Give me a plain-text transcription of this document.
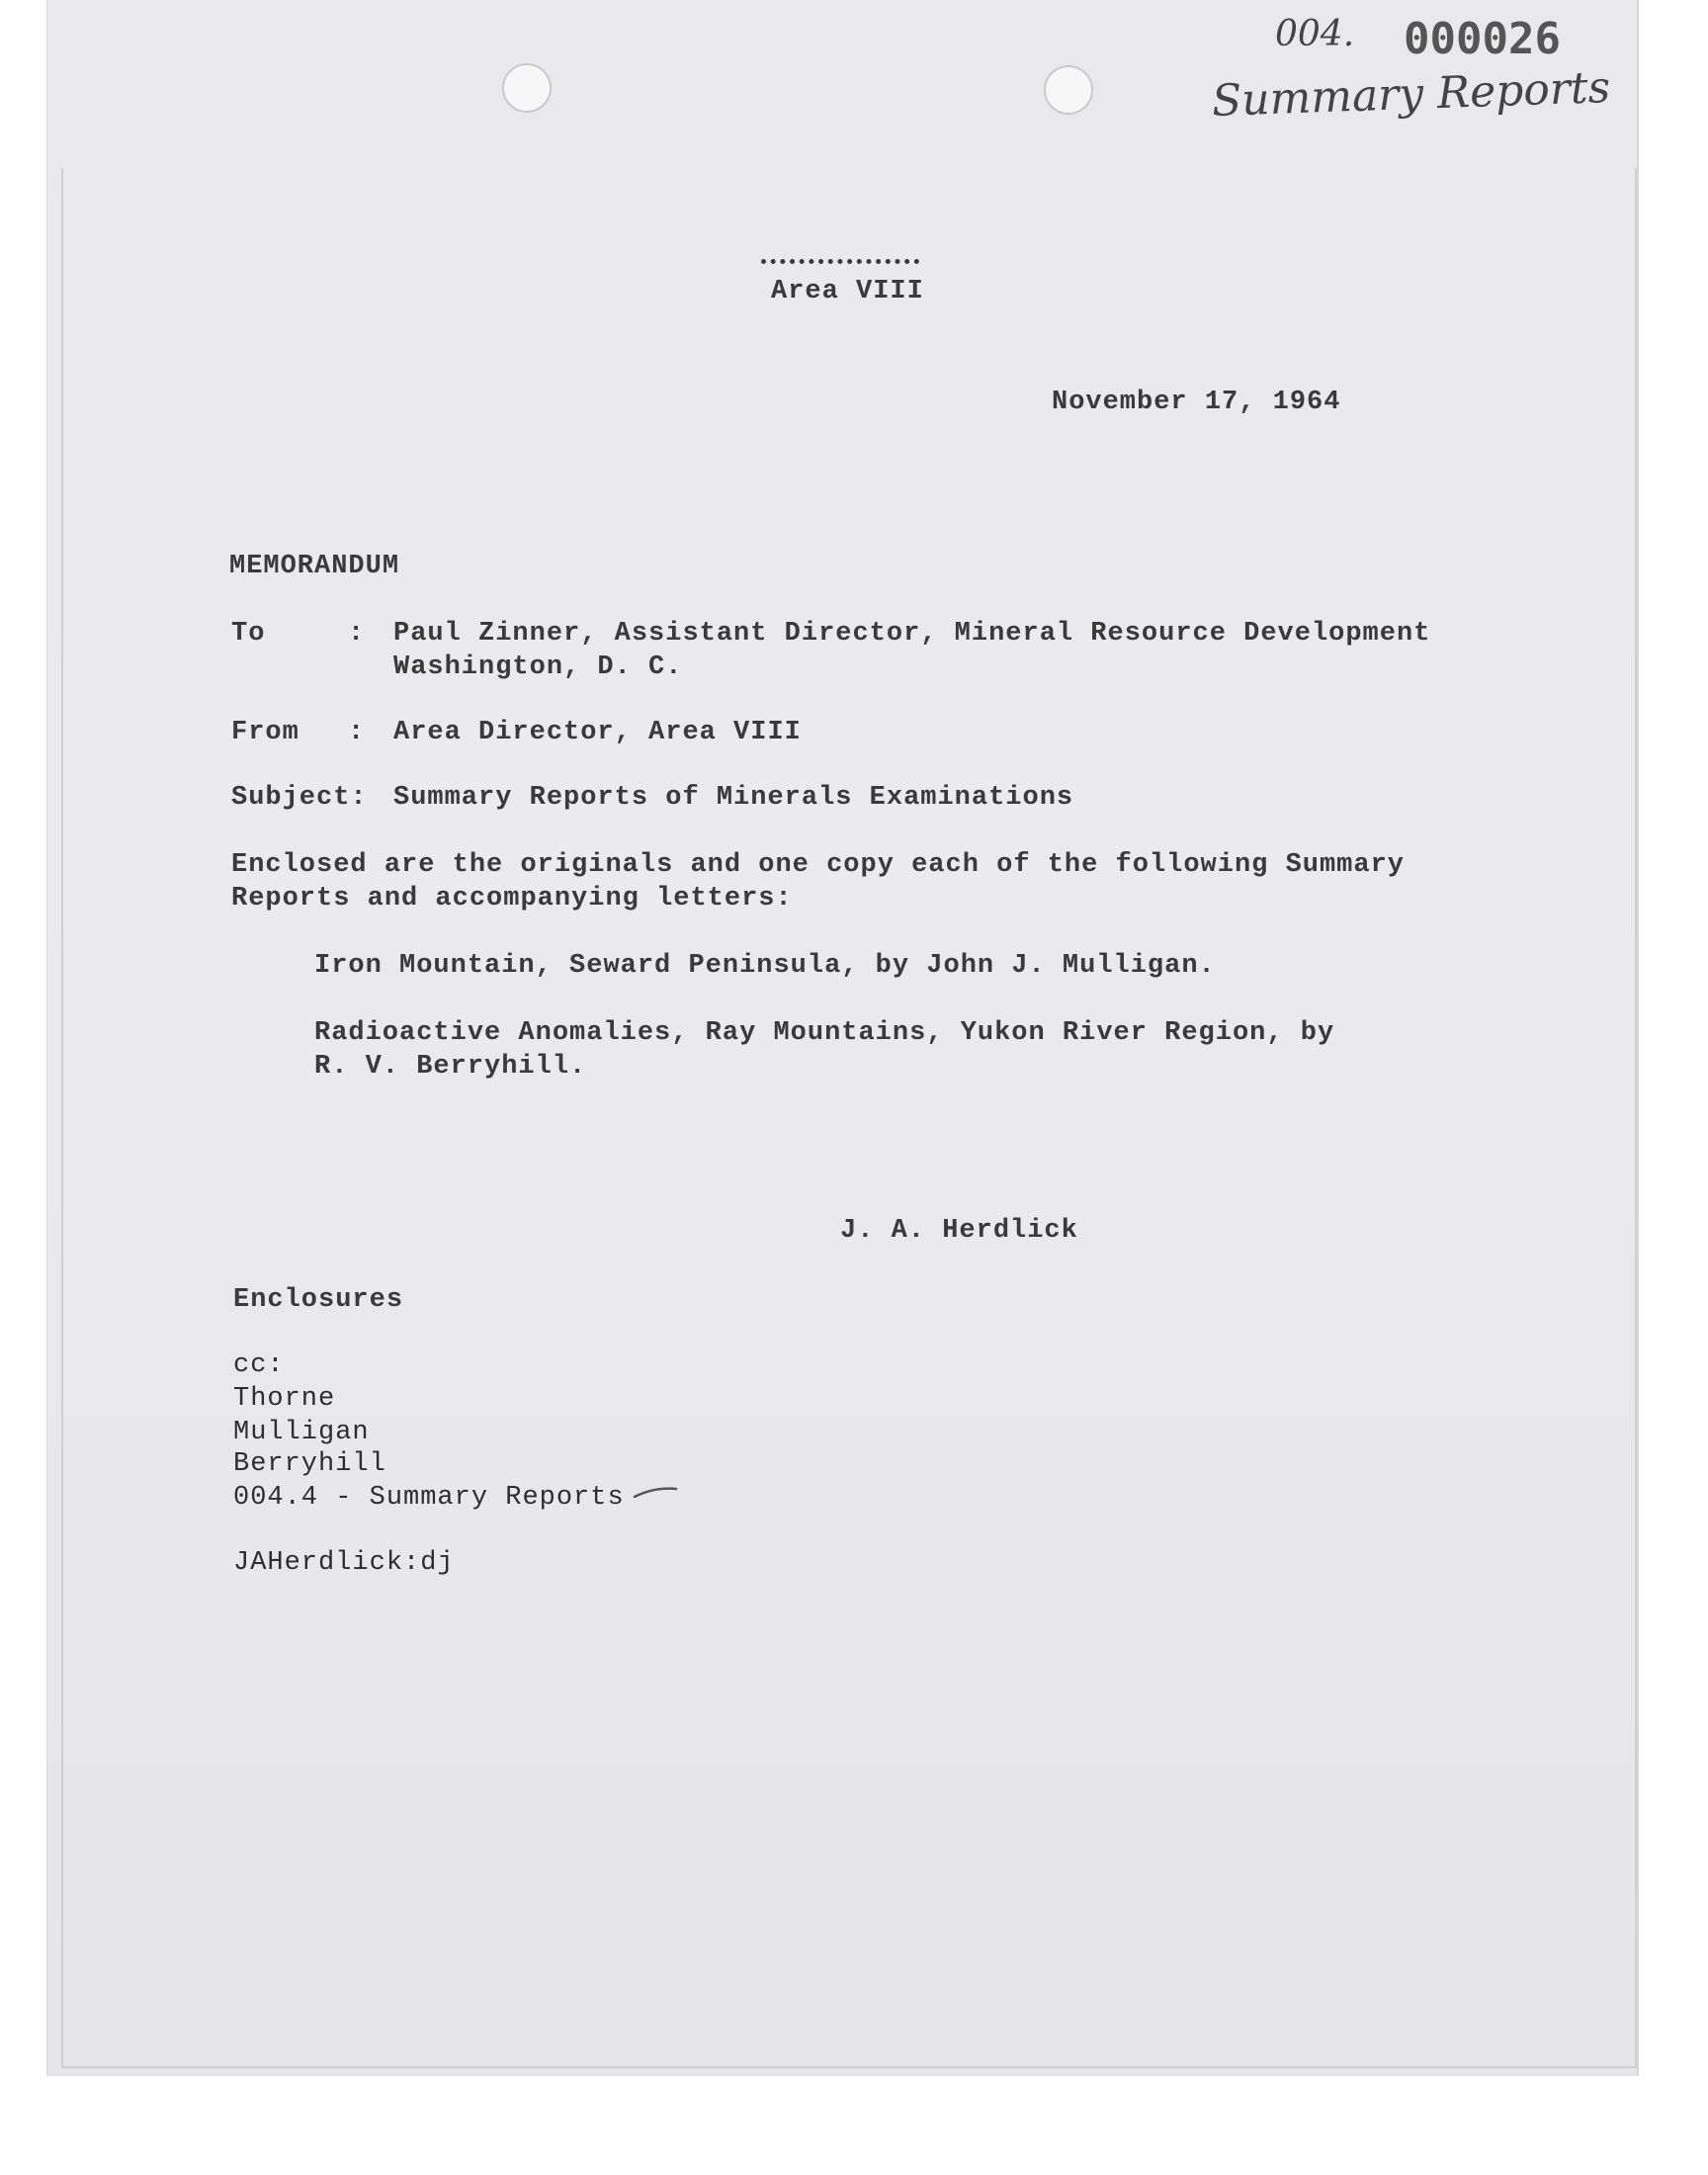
004. 000026
Summary Reports
Area VIII
November 17, 1964
MEMORANDUM
To	: Paul Zinner, Assistant Director, Mineral Resource Development
Washington, D. C.
From : Area Director, Area VIII
Subject: Summary Reports of Minerals Examinations
Enclosed are the originals and one copy each of the following Summary
Reports and accompanying letters:
Iron Mountain, Seward Peninsula, by John J. Mulligan.
Radioactive Anomalies, Ray Mountains, Yukon River Region, by
R. V. Berryhill.
J. A. Herdlick
Enclosures
cc:
Thorne
Mulligan
Berryhill
004.4 - Summary Reports
JAHerdlick:dj
